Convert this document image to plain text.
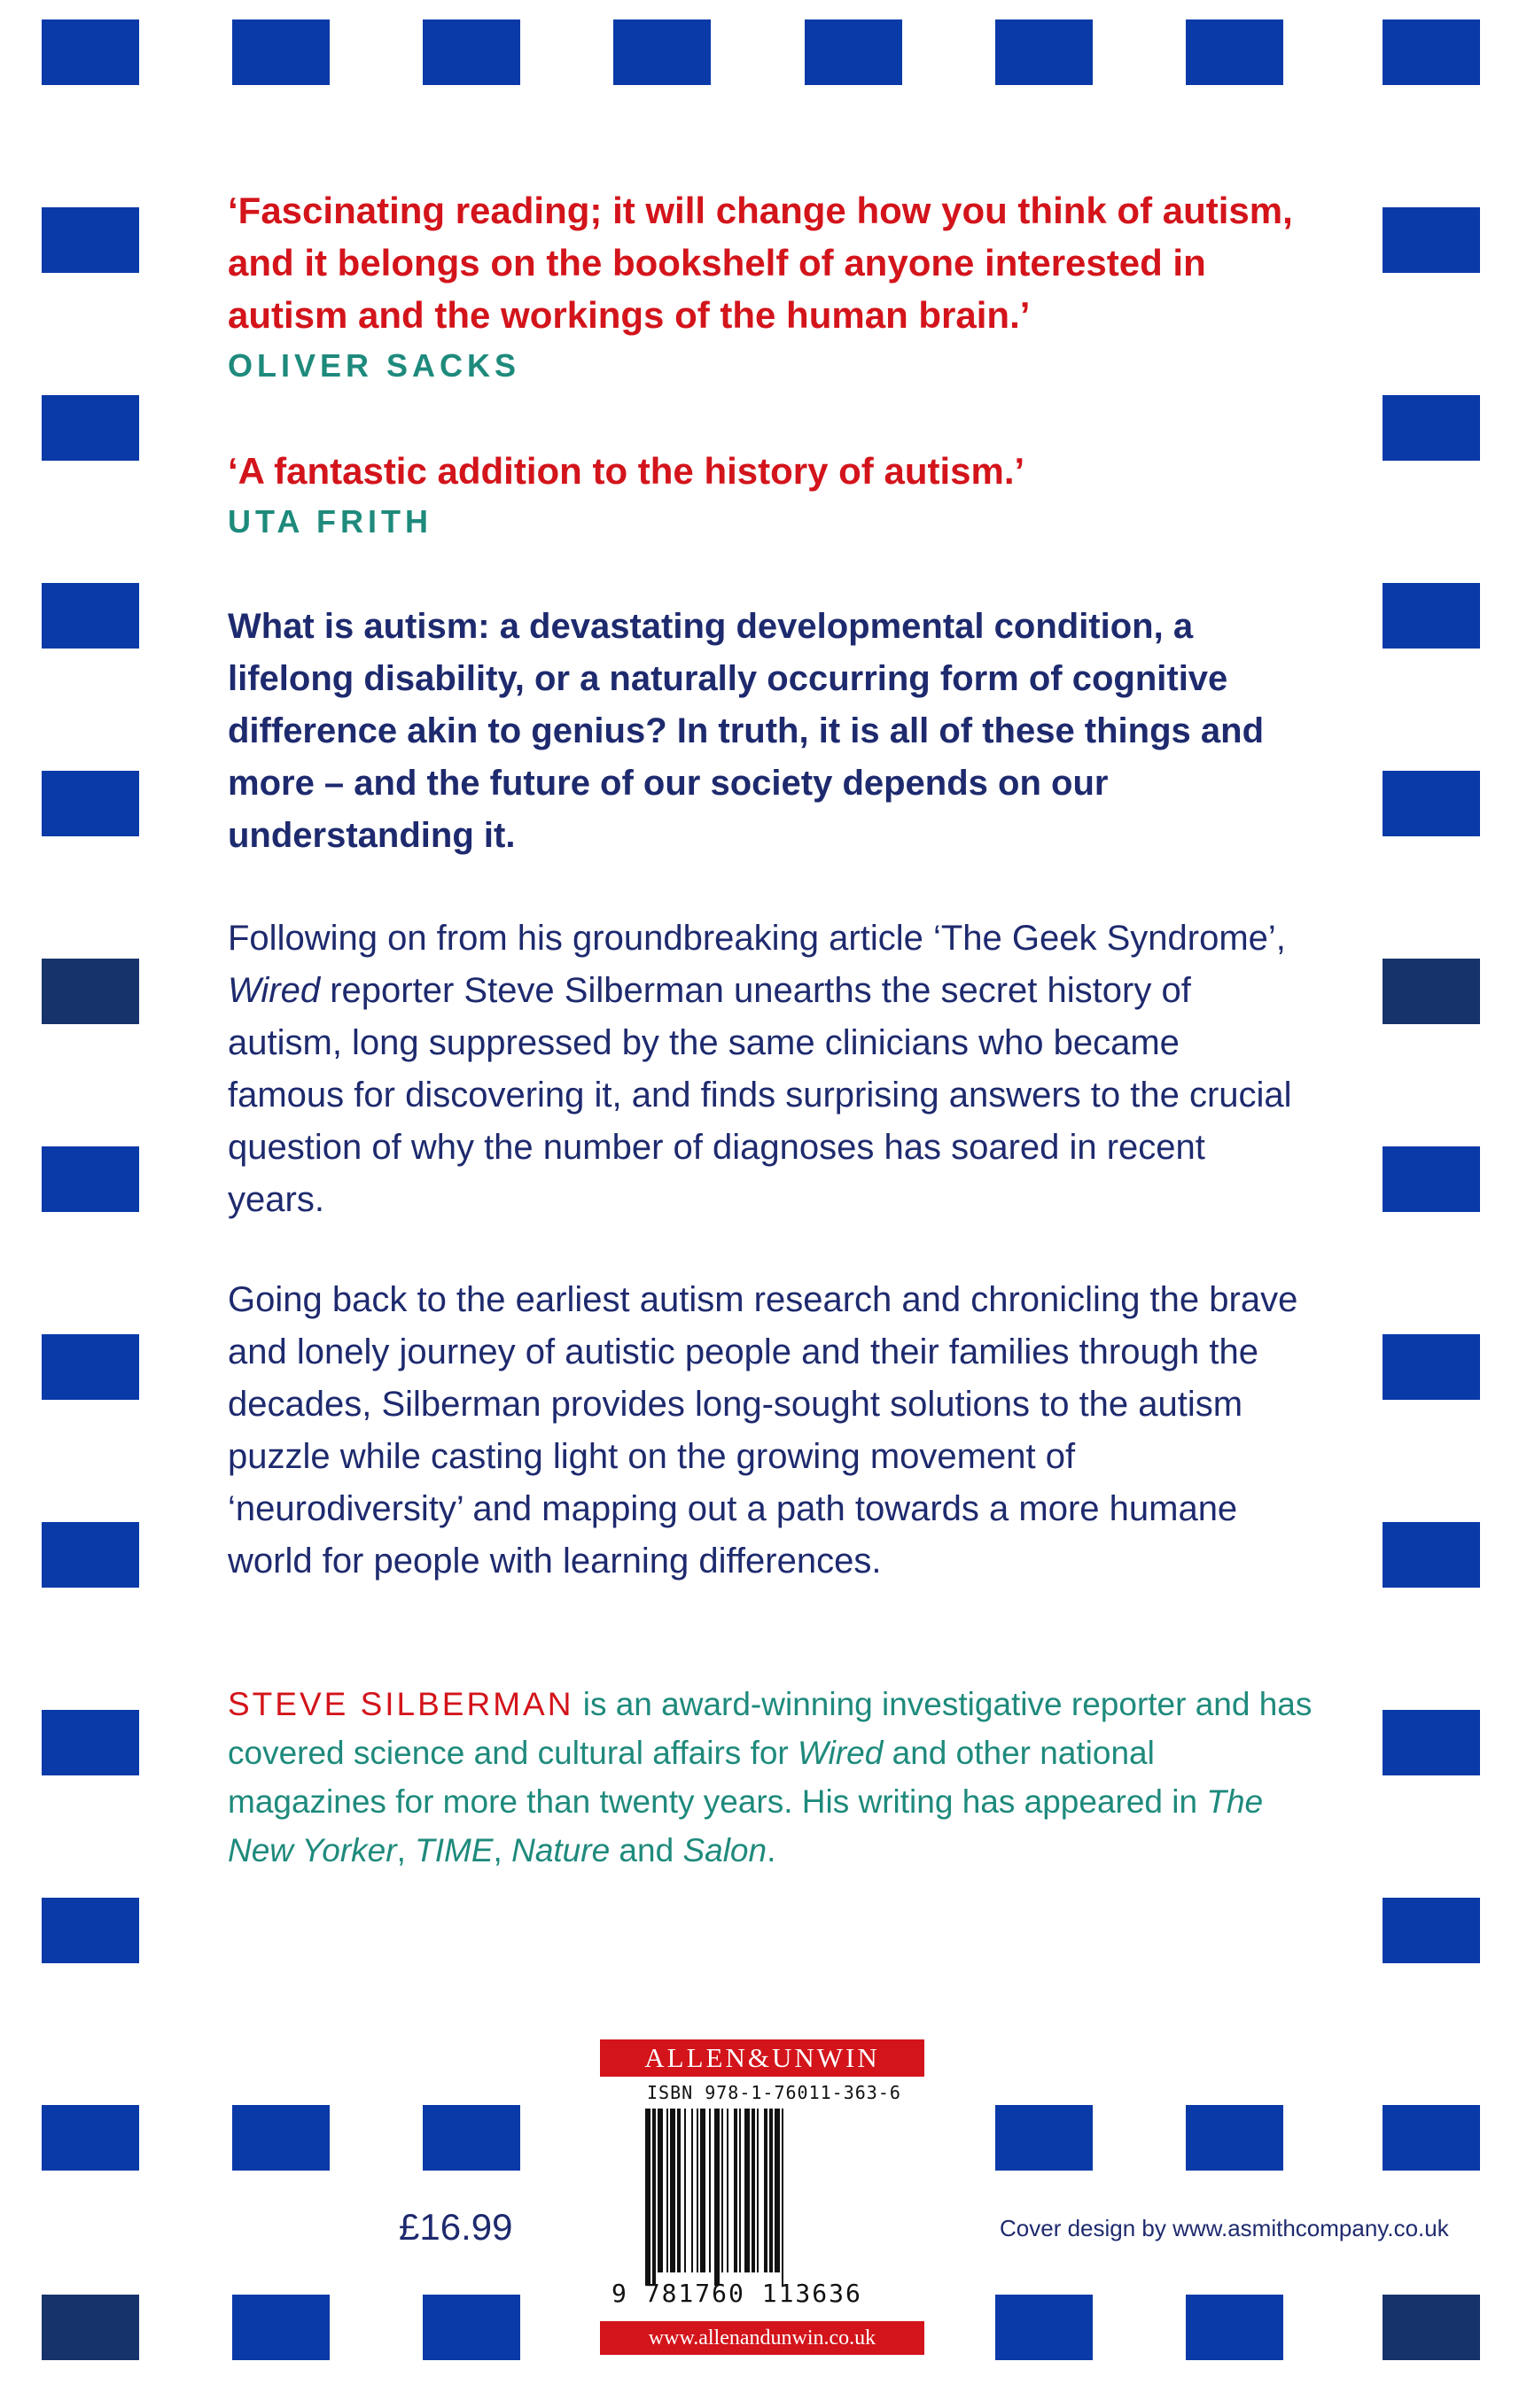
‘Fascinating reading; it will change how you think of autism, and it belongs on the bookshelf of anyone interested in autism and the workings of the human brain.’

OLIVER SACKS

‘A fantastic addition to the history of autism.’

UTA FRITH

What is autism: a devastating developmental condition, a lifelong disability, or a naturally occurring form of cognitive difference akin to genius? In truth, it is all of these things and more – and the future of our society depends on our understanding it.

Following on from his groundbreaking article ‘The Geek Syndrome’, Wired reporter Steve Silberman unearths the secret history of autism, long suppressed by the same clinicians who became famous for discovering it, and finds surprising answers to the crucial question of why the number of diagnoses has soared in recent years.

Going back to the earliest autism research and chronicling the brave and lonely journey of autistic people and their families through the decades, Silberman provides long-sought solutions to the autism puzzle while casting light on the growing movement of ‘neurodiversity’ and mapping out a path towards a more humane world for people with learning differences.

STEVE SILBERMAN is an award-winning investigative reporter and has covered science and cultural affairs for Wired and other national magazines for more than twenty years. His writing has appeared in The New Yorker, TIME, Nature and Salon.

£16.99
ALLEN&UNWIN
ISBN 978-1-76011-363-6
9 781760 113636
www.allenandunwin.co.uk
Cover design by www.asmithcompany.co.uk
